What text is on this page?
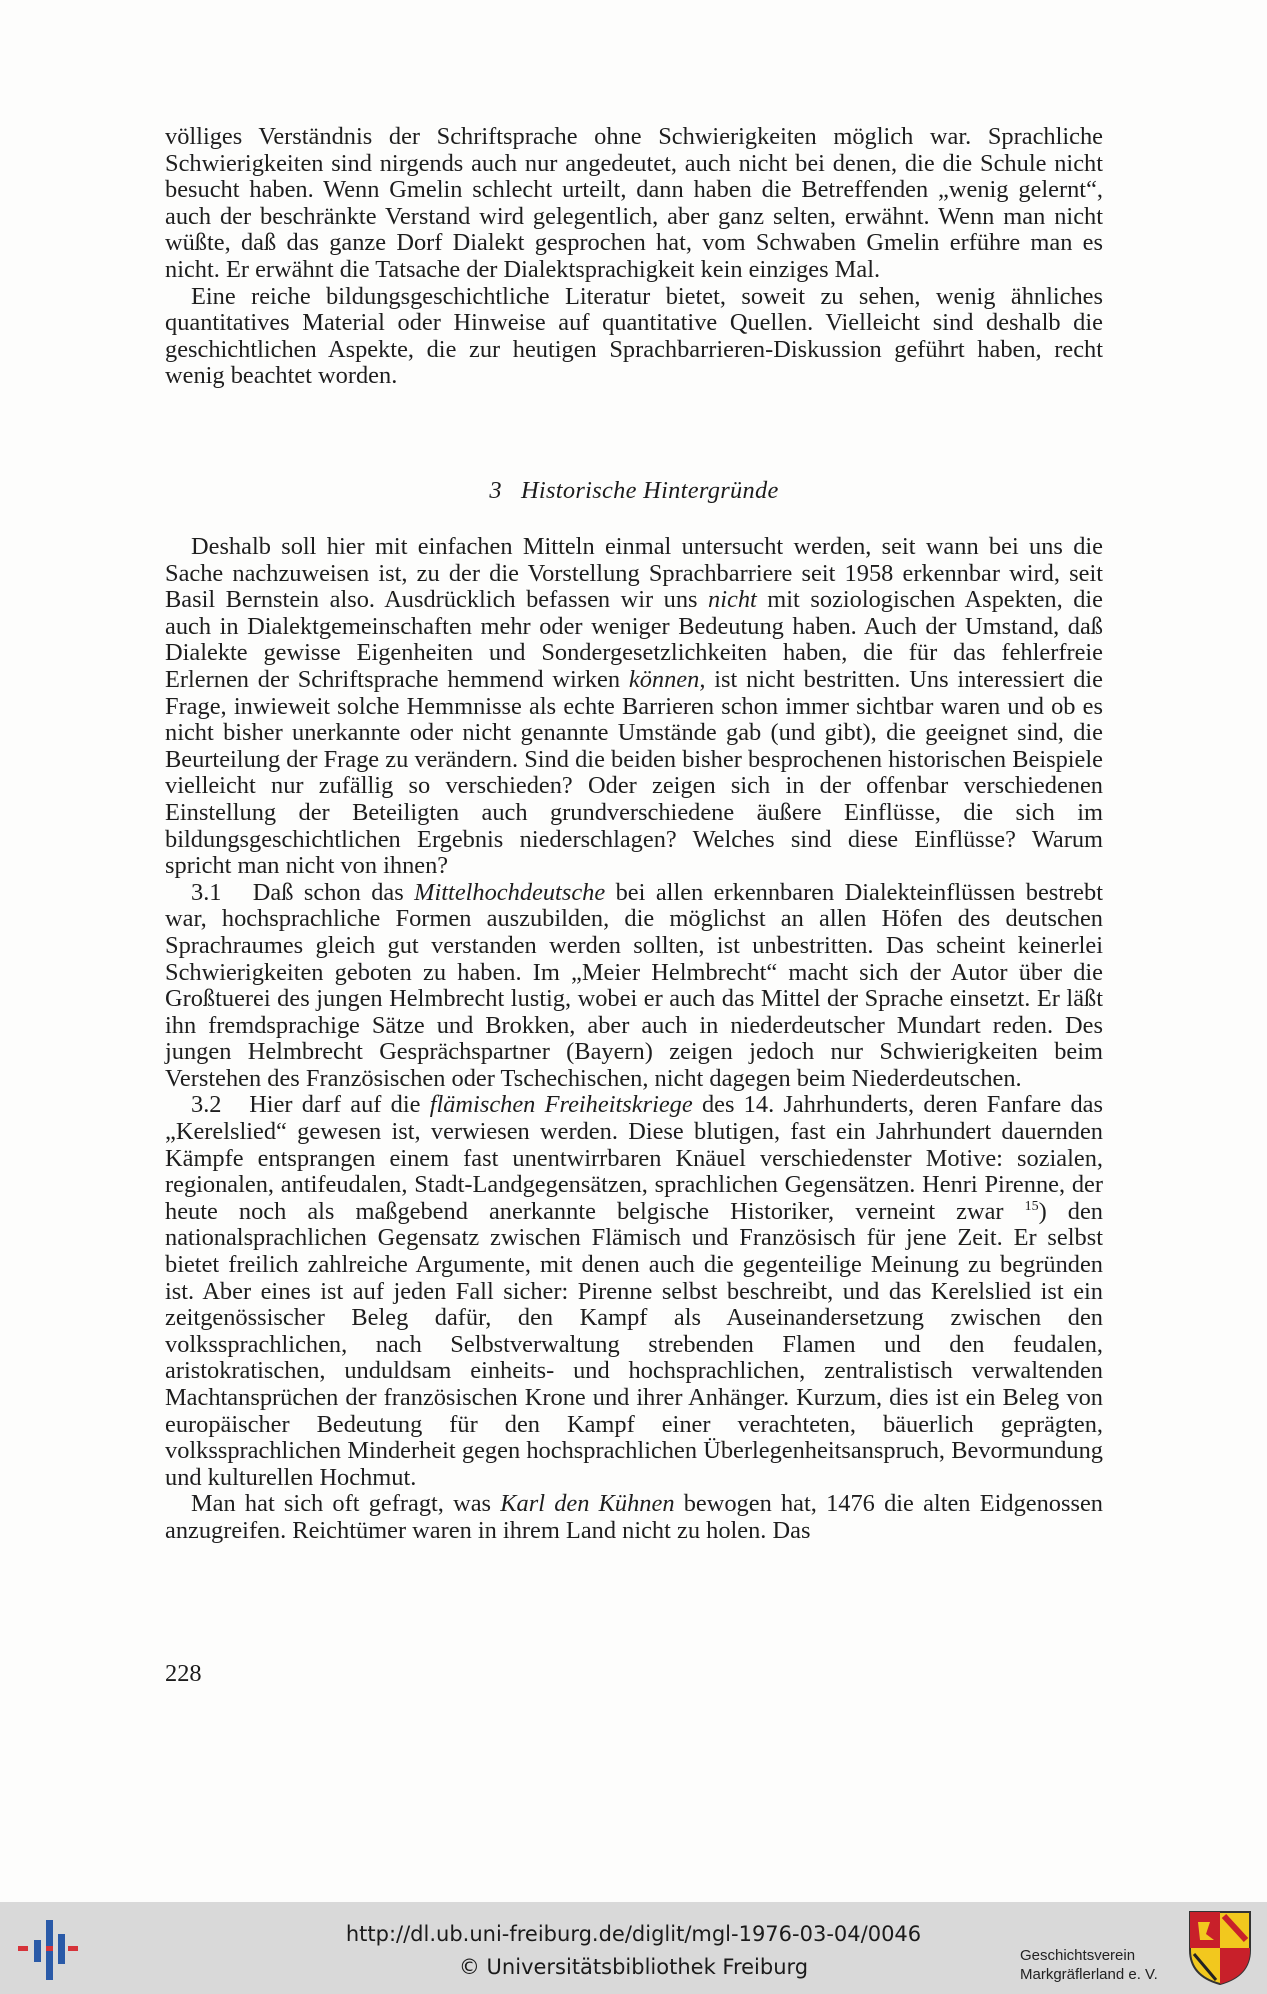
völliges Verständnis der Schriftsprache ohne Schwierigkeiten möglich war. Sprachliche Schwierigkeiten sind nirgends auch nur angedeutet, auch nicht bei denen, die die Schule nicht besucht haben. Wenn Gmelin schlecht urteilt, dann haben die Betreffenden „wenig gelernt“, auch der beschränkte Verstand wird gelegentlich, aber ganz selten, erwähnt. Wenn man nicht wüßte, daß das ganze Dorf Dialekt gesprochen hat, vom Schwaben Gmelin erführe man es nicht. Er erwähnt die Tatsache der Dialektsprachigkeit kein einziges Mal.

Eine reiche bildungsgeschichtliche Literatur bietet, soweit zu sehen, wenig ähnliches quantitatives Material oder Hinweise auf quantitative Quellen. Vielleicht sind deshalb die geschichtlichen Aspekte, die zur heutigen Sprachbarrieren-Diskussion geführt haben, recht wenig beachtet worden.

3   Historische Hintergründe

Deshalb soll hier mit einfachen Mitteln einmal untersucht werden, seit wann bei uns die Sache nachzuweisen ist, zu der die Vorstellung Sprachbarriere seit 1958 erkennbar wird, seit Basil Bernstein also. Ausdrücklich befassen wir uns nicht mit soziologischen Aspekten, die auch in Dialektgemeinschaften mehr oder weniger Bedeutung haben. Auch der Umstand, daß Dialekte gewisse Eigenheiten und Sondergesetzlichkeiten haben, die für das fehlerfreie Erlernen der Schriftsprache hemmend wirken können, ist nicht bestritten. Uns interessiert die Frage, inwieweit solche Hemmnisse als echte Barrieren schon immer sichtbar waren und ob es nicht bisher unerkannte oder nicht genannte Umstände gab (und gibt), die geeignet sind, die Beurteilung der Frage zu verändern. Sind die beiden bisher besprochenen historischen Beispiele vielleicht nur zufällig so verschieden? Oder zeigen sich in der offenbar verschiedenen Einstellung der Beteiligten auch grundverschiedene äußere Einflüsse, die sich im bildungsgeschichtlichen Ergebnis niederschlagen? Welches sind diese Einflüsse? Warum spricht man nicht von ihnen?

3.1   Daß schon das Mittelhochdeutsche bei allen erkennbaren Dialekteinflüssen bestrebt war, hochsprachliche Formen auszubilden, die möglichst an allen Höfen des deutschen Sprachraumes gleich gut verstanden werden sollten, ist unbestritten. Das scheint keinerlei Schwierigkeiten geboten zu haben. Im „Meier Helmbrecht“ macht sich der Autor über die Großtuerei des jungen Helmbrecht lustig, wobei er auch das Mittel der Sprache einsetzt. Er läßt ihn fremdsprachige Sätze und Brokken, aber auch in niederdeutscher Mundart reden. Des jungen Helmbrecht Gesprächspartner (Bayern) zeigen jedoch nur Schwierigkeiten beim Verstehen des Französischen oder Tschechischen, nicht dagegen beim Niederdeutschen.

3.2   Hier darf auf die flämischen Freiheitskriege des 14. Jahrhunderts, deren Fanfare das „Kerelslied“ gewesen ist, verwiesen werden. Diese blutigen, fast ein Jahrhundert dauernden Kämpfe entsprangen einem fast unentwirrbaren Knäuel verschiedenster Motive: sozialen, regionalen, antifeudalen, Stadt-Landgegensätzen, sprachlichen Gegensätzen. Henri Pirenne, der heute noch als maßgebend anerkannte belgische Historiker, verneint zwar $^{15}$) den nationalsprachlichen Gegensatz zwischen Flämisch und Französisch für jene Zeit. Er selbst bietet freilich zahlreiche Argumente, mit denen auch die gegenteilige Meinung zu begründen ist. Aber eines ist auf jeden Fall sicher: Pirenne selbst beschreibt, und das Kerelslied ist ein zeitgenössischer Beleg dafür, den Kampf als Auseinandersetzung zwischen den volkssprachlichen, nach Selbstverwaltung strebenden Flamen und den feudalen, aristokratischen, unduldsam einheits- und hochsprachlichen, zentralistisch verwaltenden Machtansprüchen der französischen Krone und ihrer Anhänger. Kurzum, dies ist ein Beleg von europäischer Bedeutung für den Kampf einer verachteten, bäuerlich geprägten, volkssprachlichen Minderheit gegen hochsprachlichen Überlegenheitsanspruch, Bevormundung und kulturellen Hochmut.

Man hat sich oft gefragt, was Karl den Kühnen bewogen hat, 1476 die alten Eidgenossen anzugreifen. Reichtümer waren in ihrem Land nicht zu holen. Das

228
http://dl.ub.uni-freiburg.de/diglit/mgl-1976-03-04/0046
© Universitätsbibliothek Freiburg	Geschichtsverein
Markgräflerland e. V.
